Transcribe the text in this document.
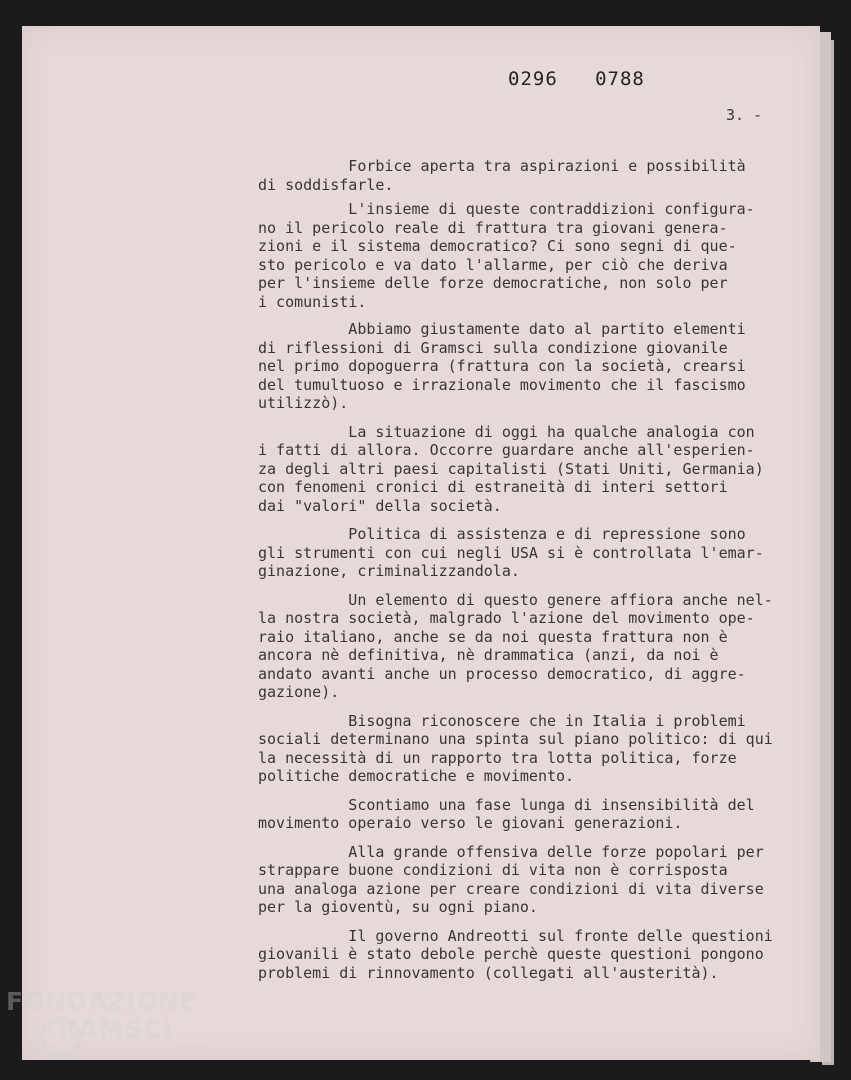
0296   0788
3. -

Forbice aperta tra aspirazioni e possibilità
di soddisfarle.

L'insieme di queste contraddizioni configura-
no il pericolo reale di frattura tra giovani genera-
zioni e il sistema democratico? Ci sono segni di que-
sto pericolo e va dato l'allarme, per ciò che deriva
per l'insieme delle forze democratiche, non solo per
i comunisti.

Abbiamo giustamente dato al partito elementi
di riflessioni di Gramsci sulla condizione giovanile
nel primo dopoguerra (frattura con la società, crearsi
del tumultuoso e irrazionale movimento che il fascismo
utilizzò).

La situazione di oggi ha qualche analogia con
i fatti di allora. Occorre guardare anche all'esperien-
za degli altri paesi capitalisti (Stati Uniti, Germania)
con fenomeni cronici di estraneità di interi settori
dai "valori" della società.

Politica di assistenza e di repressione sono
gli strumenti con cui negli USA si è controllata l'emar-
ginazione, criminalizzandola.

Un elemento di questo genere affiora anche nel-
la nostra società, malgrado l'azione del movimento ope-
raio italiano, anche se da noi questa frattura non è
ancora nè definitiva, nè drammatica (anzi, da noi è
andato avanti anche un processo democratico, di aggre-
gazione).

Bisogna riconoscere che in Italia i problemi
sociali determinano una spinta sul piano politico: di qui
la necessità di un rapporto tra lotta politica, forze
politiche democratiche e movimento.

Scontiamo una fase lunga di insensibilità del
movimento operaio verso le giovani generazioni.

Alla grande offensiva delle forze popolari per
strappare buone condizioni di vita non è corrisposta
una analoga azione per creare condizioni di vita diverse
per la gioventù, su ogni piano.

Il governo Andreotti sul fronte delle questioni
giovanili è stato debole perchè queste questioni pongono
problemi di rinnovamento (collegati all'austerità).

FONDAZIONE
RAMSCI
onlus
